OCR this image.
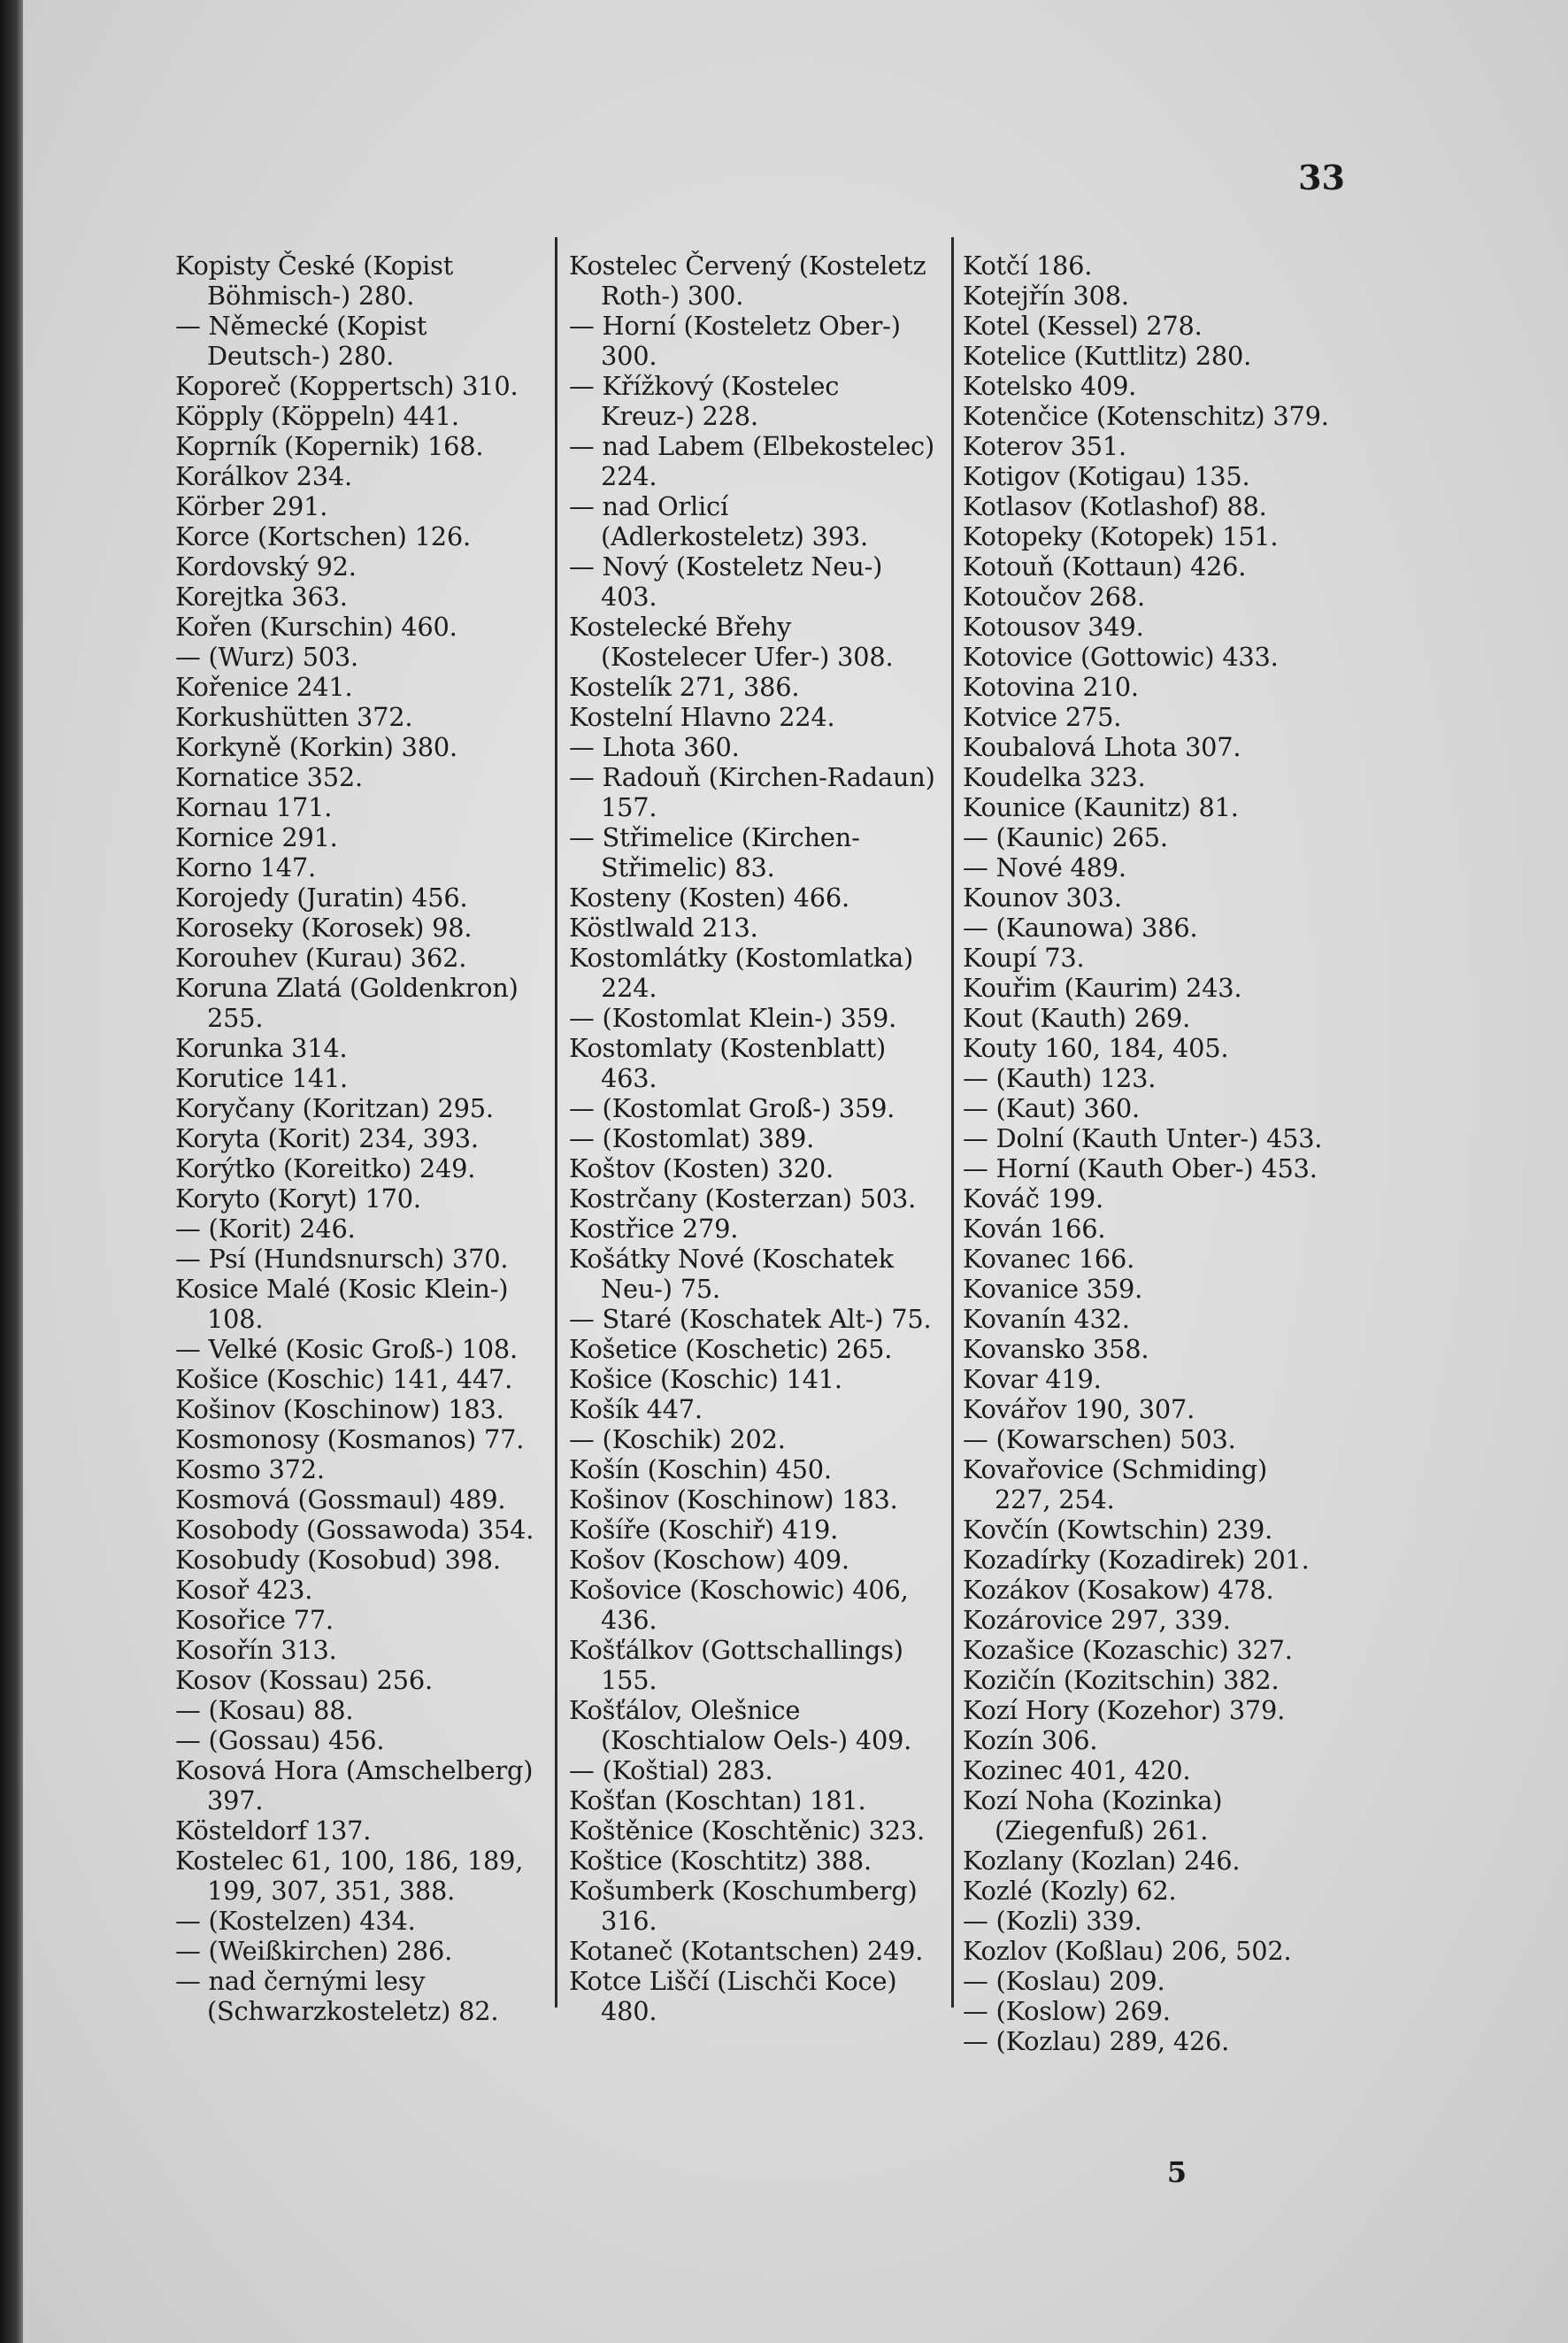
33

Kopisty České (Kopist Böhmisch-) 280.

— Německé (Kopist Deutsch-) 280.

Koporeč (Koppertsch) 310.

Köpply (Köppeln) 441.

Koprník (Kopernik) 168.

Korálkov 234.

Körber 291.

Korce (Kortschen) 126.

Kordovský 92.

Korejtka 363.

Kořen (Kurschin) 460.

— (Wurz) 503.

Kořenice 241.

Korkushütten 372.

Korkyně (Korkin) 380.

Kornatice 352.

Kornau 171.

Kornice 291.

Korno 147.

Korojedy (Juratin) 456.

Koroseky (Korosek) 98.

Korouhev (Kurau) 362.

Koruna Zlatá (Goldenkron) 255.

Korunka 314.

Korutice 141.

Koryčany (Koritzan) 295.

Koryta (Korit) 234, 393.

Korýtko (Koreitko) 249.

Koryto (Koryt) 170.

— (Korit) 246.

— Psí (Hundsnursch) 370.

Kosice Malé (Kosic Klein-) 108.

— Velké (Kosic Groß-) 108.

Košice (Koschic) 141, 447.

Košinov (Koschinow) 183.

Kosmonosy (Kosmanos) 77.

Kosmo 372.

Kosmová (Gossmaul) 489.

Kosobody (Gossawoda) 354.

Kosobudy (Kosobud) 398.

Kosoř 423.

Kosořice 77.

Kosořín 313.

Kosov (Kossau) 256.

— (Kosau) 88.

— (Gossau) 456.

Kosová Hora (Amschelberg) 397.

Kösteldorf 137.

Kostelec 61, 100, 186, 189, 199, 307, 351, 388.

— (Kostelzen) 434.

— (Weißkirchen) 286.

— nad černými lesy (Schwarzkosteletz) 82.

Kostelec Červený (Kosteletz Roth-) 300.

— Horní (Kosteletz Ober-) 300.

— Křížkový (Kostelec Kreuz-) 228.

— nad Labem (Elbekostelec) 224.

— nad Orlicí (Adlerkosteletz) 393.

— Nový (Kosteletz Neu-) 403.

Kostelecké Břehy (Kostelecer Ufer-) 308.

Kostelík 271, 386.

Kostelní Hlavno 224.

— Lhota 360.

— Radouň (Kirchen-Radaun) 157.

— Střimelice (Kirchen-Střimelic) 83.

Kosteny (Kosten) 466.

Köstlwald 213.

Kostomlátky (Kostomlatka) 224.

— (Kostomlat Klein-) 359.

Kostomlaty (Kostenblatt) 463.

— (Kostomlat Groß-) 359.

— (Kostomlat) 389.

Koštov (Kosten) 320.

Kostrčany (Kosterzan) 503.

Kostřice 279.

Košátky Nové (Koschatek Neu-) 75.

— Staré (Koschatek Alt-) 75.

Košetice (Koschetic) 265.

Košice (Koschic) 141.

Košík 447.

— (Koschik) 202.

Košín (Koschin) 450.

Košinov (Koschinow) 183.

Košíře (Koschiř) 419.

Košov (Koschow) 409.

Košovice (Koschowic) 406, 436.

Košťálkov (Gottschallings) 155.

Košťálov, Olešnice (Koschtialow Oels-) 409.

— (Koštial) 283.

Košťan (Koschtan) 181.

Koštěnice (Koschtěnic) 323.

Koštice (Koschtitz) 388.

Košumberk (Koschumberg) 316.

Kotaneč (Kotantschen) 249.

Kotce Liščí (Lischči Koce) 480.

Kotčí 186.

Kotejřín 308.

Kotel (Kessel) 278.

Kotelice (Kuttlitz) 280.

Kotelsko 409.

Kotenčice (Kotenschitz) 379.

Koterov 351.

Kotigov (Kotigau) 135.

Kotlasov (Kotlashof) 88.

Kotopeky (Kotopek) 151.

Kotouň (Kottaun) 426.

Kotoučov 268.

Kotousov 349.

Kotovice (Gottowic) 433.

Kotovina 210.

Kotvice 275.

Koubalová Lhota 307.

Koudelka 323.

Kounice (Kaunitz) 81.

— (Kaunic) 265.

— Nové 489.

Kounov 303.

— (Kaunowa) 386.

Koupí 73.

Kouřim (Kaurim) 243.

Kout (Kauth) 269.

Kouty 160, 184, 405.

— (Kauth) 123.

— (Kaut) 360.

— Dolní (Kauth Unter-) 453.

— Horní (Kauth Ober-) 453.

Kováč 199.

Kován 166.

Kovanec 166.

Kovanice 359.

Kovanín 432.

Kovansko 358.

Kovar 419.

Kovářov 190, 307.

— (Kowarschen) 503.

Kovařovice (Schmiding) 227, 254.

Kovčín (Kowtschin) 239.

Kozadírky (Kozadirek) 201.

Kozákov (Kosakow) 478.

Kozárovice 297, 339.

Kozašice (Kozaschic) 327.

Kozičín (Kozitschin) 382.

Kozí Hory (Kozehor) 379.

Kozín 306.

Kozinec 401, 420.

Kozí Noha (Kozinka) (Ziegenfuß) 261.

Kozlany (Kozlan) 246.

Kozlé (Kozly) 62.

— (Kozli) 339.

Kozlov (Koßlau) 206, 502.

— (Koslau) 209.

— (Koslow) 269.

— (Kozlau) 289, 426.

5
